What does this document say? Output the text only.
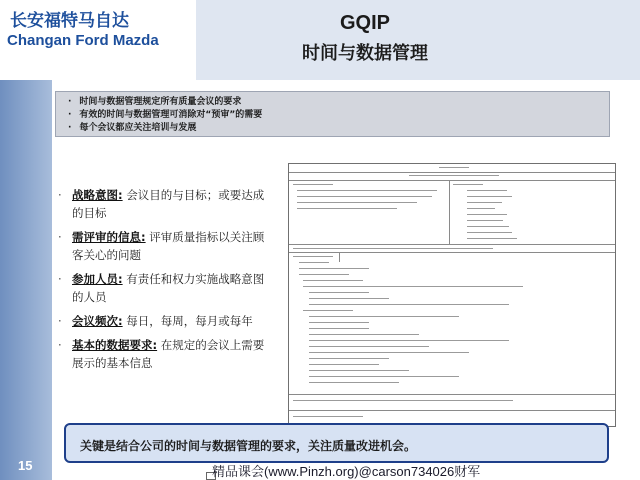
长安福特马自达
Changan Ford Mazda
GQIP
时间与数据管理
15
· 时间与数据管理规定所有质量会议的要求
· 有效的时间与数据管理可消除对“预审”的需要
· 每个会议都应关注培训与发展
· 战略意图: 会议目的与目标；或要达成的目标
· 需评审的信息: 评审质量指标以关注顾客关心的问题
· 参加人员: 有责任和权力实施战略意图的人员
· 会议频次: 每日，每周，每月或每年
· 基本的数据要求: 在规定的会议上需要展示的基本信息
关键是结合公司的时间与数据管理的要求，关注质量改进机会。
精品课会(www.Pinzh.org)@carson734026财军
